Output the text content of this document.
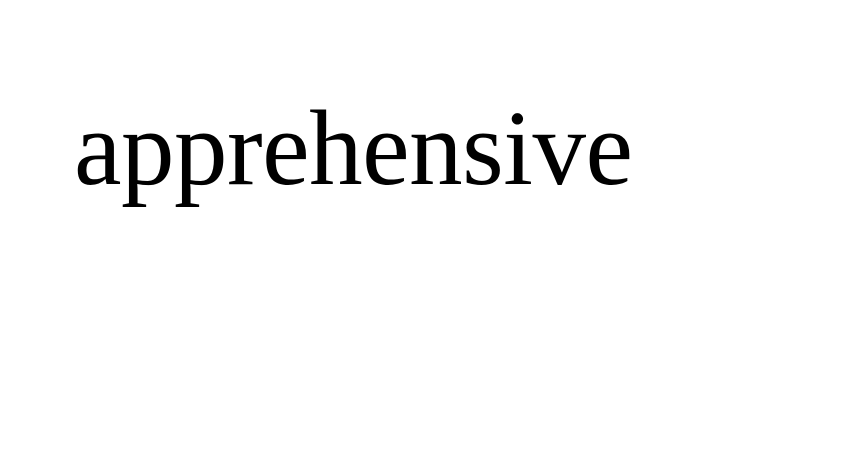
apprehensive
